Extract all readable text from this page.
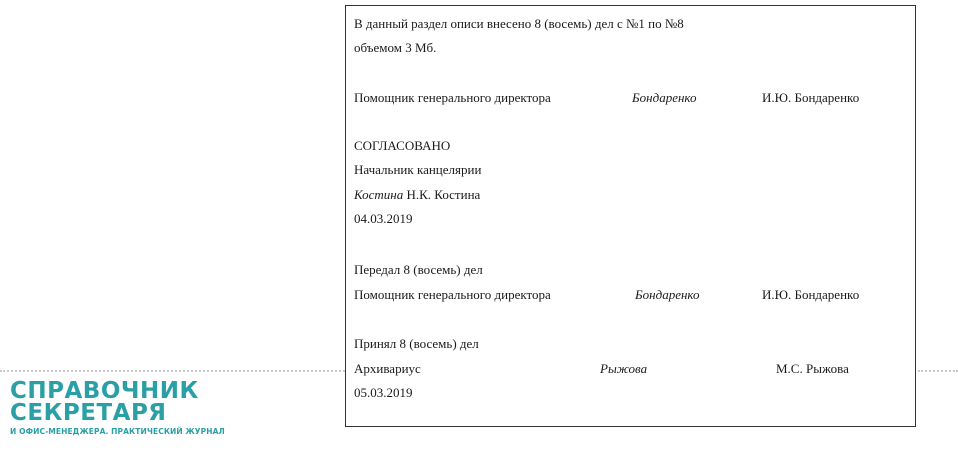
В данный раздел описи внесено 8 (восемь) дел с №1 по №8
объемом 3 Мб.
Помощник генерального директора	Бондаренко	И.Ю. Бондаренко
СОГЛАСОВАНО
Начальник канцелярии
Костина Н.К. Костина
04.03.2019
Передал 8 (восемь) дел
Помощник генерального директора	Бондаренко	И.Ю. Бондаренко
Принял 8 (восемь) дел
Архивариус	Рыжова	М.С. Рыжова
05.03.2019
СПРАВОЧНИК
СЕКРЕТАРЯ
И ОФИС-МЕНЕДЖЕРА. ПРАКТИЧЕСКИЙ ЖУРНАЛ
